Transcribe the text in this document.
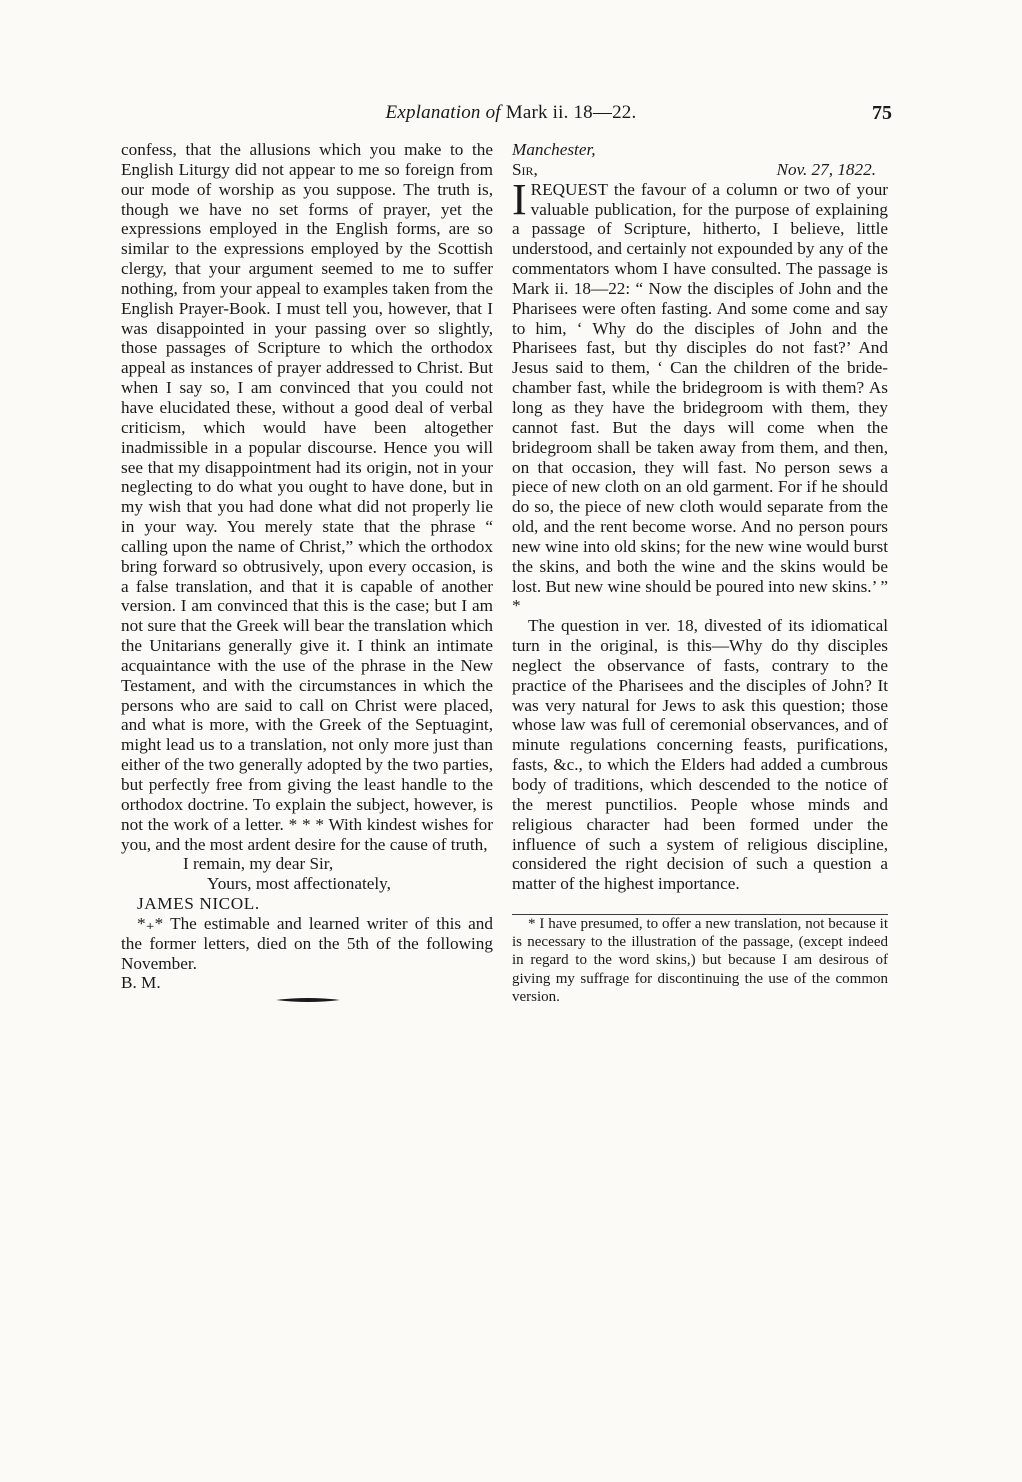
Explanation of Mark ii. 18—22.	75

confess, that the allusions which you make to the English Liturgy did not appear to me so foreign from our mode of worship as you suppose. The truth is, though we have no set forms of prayer, yet the expressions employed in the English forms, are so similar to the expressions employed by the Scottish clergy, that your argument seemed to me to suffer nothing, from your appeal to examples taken from the English Prayer-Book. I must tell you, however, that I was disappointed in your passing over so slightly, those passages of Scripture to which the orthodox appeal as instances of prayer addressed to Christ. But when I say so, I am convinced that you could not have elucidated these, without a good deal of verbal criticism, which would have been altogether inadmissible in a popular discourse. Hence you will see that my disappointment had its origin, not in your neglecting to do what you ought to have done, but in my wish that you had done what did not properly lie in your way. You merely state that the phrase “ calling upon the name of Christ,” which the orthodox bring forward so obtrusively, upon every occasion, is a false translation, and that it is capable of another version. I am convinced that this is the case; but I am not sure that the Greek will bear the translation which the Unitarians generally give it. I think an intimate acquaintance with the use of the phrase in the New Testament, and with the circumstances in which the persons who are said to call on Christ were placed, and what is more, with the Greek of the Septuagint, might lead us to a translation, not only more just than either of the two generally adopted by the two parties, but perfectly free from giving the least handle to the orthodox doctrine. To explain the subject, however, is not the work of a letter. * * * With kindest wishes for you, and the most ardent desire for the cause of truth,

I remain, my dear Sir,

Yours, most affectionately,

JAMES NICOL.

*₊* The estimable and learned writer of this and the former letters, died on the 5th of the following November.

B. M.

Manchester,

Sir,	Nov. 27, 1822.

I REQUEST the favour of a column or two of your valuable publication, for the purpose of explaining a passage of Scripture, hitherto, I believe, little understood, and certainly not expounded by any of the commentators whom I have consulted. The passage is Mark ii. 18—22: “ Now the disciples of John and the Pharisees were often fasting. And some come and say to him, ‘ Why do the disciples of John and the Pharisees fast, but thy disciples do not fast?’ And Jesus said to them, ‘ Can the children of the bride-chamber fast, while the bridegroom is with them? As long as they have the bridegroom with them, they cannot fast. But the days will come when the bridegroom shall be taken away from them, and then, on that occasion, they will fast. No person sews a piece of new cloth on an old garment. For if he should do so, the piece of new cloth would separate from the old, and the rent become worse. And no person pours new wine into old skins; for the new wine would burst the skins, and both the wine and the skins would be lost. But new wine should be poured into new skins.’ ” *

The question in ver. 18, divested of its idiomatical turn in the original, is this—Why do thy disciples neglect the observance of fasts, contrary to the practice of the Pharisees and the disciples of John? It was very natural for Jews to ask this question; those whose law was full of ceremonial observances, and of minute regulations concerning feasts, purifications, fasts, &c., to which the Elders had added a cumbrous body of traditions, which descended to the notice of the merest punctilios. People whose minds and religious character had been formed under the influence of such a system of religious discipline, considered the right decision of such a question a matter of the highest importance.

* I have presumed, to offer a new translation, not because it is necessary to the illustration of the passage, (except indeed in regard to the word skins,) but because I am desirous of giving my suffrage for discontinuing the use of the common version.
